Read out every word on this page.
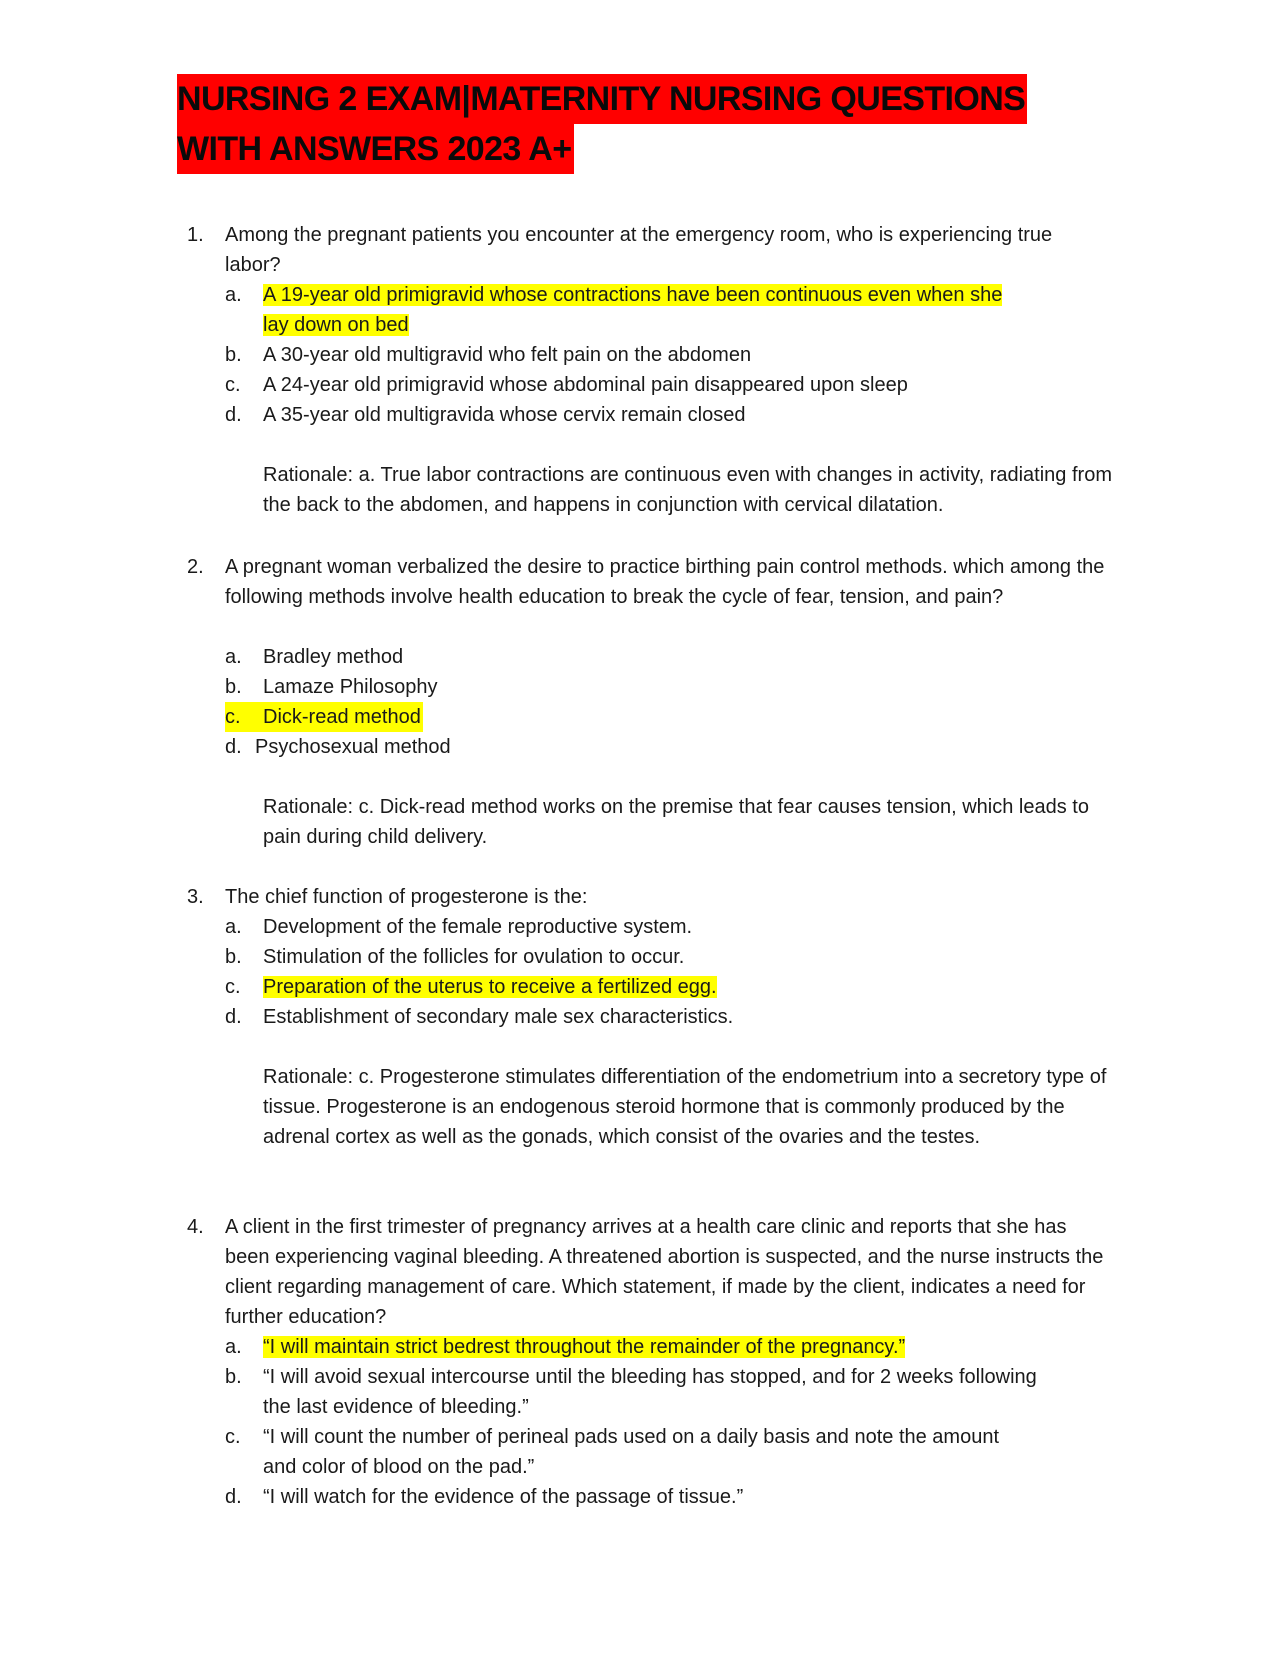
NURSING 2 EXAM|MATERNITY NURSING QUESTIONS
WITH ANSWERS 2023 A+
1.	Among the pregnant patients you encounter at the emergency room, who is experiencing true labor?
a.	A 19-year old primigravid whose contractions have been continuous even when she
lay down on bed
b.	A 30-year old multigravid who felt pain on the abdomen
c.	A 24-year old primigravid whose abdominal pain disappeared upon sleep
d.	A 35-year old multigravida whose cervix remain closed
Rationale: a. True labor contractions are continuous even with changes in activity, radiating from the back to the abdomen, and happens in conjunction with cervical dilatation.
2.	A pregnant woman verbalized the desire to practice birthing pain control methods. which among the following methods involve health education to break the cycle of fear, tension, and pain?
a.	Bradley method
b.	Lamaze Philosophy
c. Dick-read method
d. Psychosexual method
Rationale: c. Dick-read method works on the premise that fear causes tension, which leads to pain during child delivery.
3.	The chief function of progesterone is the:
a.	Development of the female reproductive system.
b.	Stimulation of the follicles for ovulation to occur.
c.	Preparation of the uterus to receive a fertilized egg.
d.	Establishment of secondary male sex characteristics.
Rationale: c. Progesterone stimulates differentiation of the endometrium into a secretory type of tissue. Progesterone is an endogenous steroid hormone that is commonly produced by the adrenal cortex as well as the gonads, which consist of the ovaries and the testes.
4.	A client in the first trimester of pregnancy arrives at a health care clinic and reports that she has been experiencing vaginal bleeding. A threatened abortion is suspected, and the nurse instructs the client regarding management of care. Which statement, if made by the client, indicates a need for further education?
a.	“I will maintain strict bedrest throughout the remainder of the pregnancy.”
b.	“I will avoid sexual intercourse until the bleeding has stopped, and for 2 weeks following
the last evidence of bleeding.”
c.	“I will count the number of perineal pads used on a daily basis and note the amount
and color of blood on the pad.”
d.	“I will watch for the evidence of the passage of tissue.”
